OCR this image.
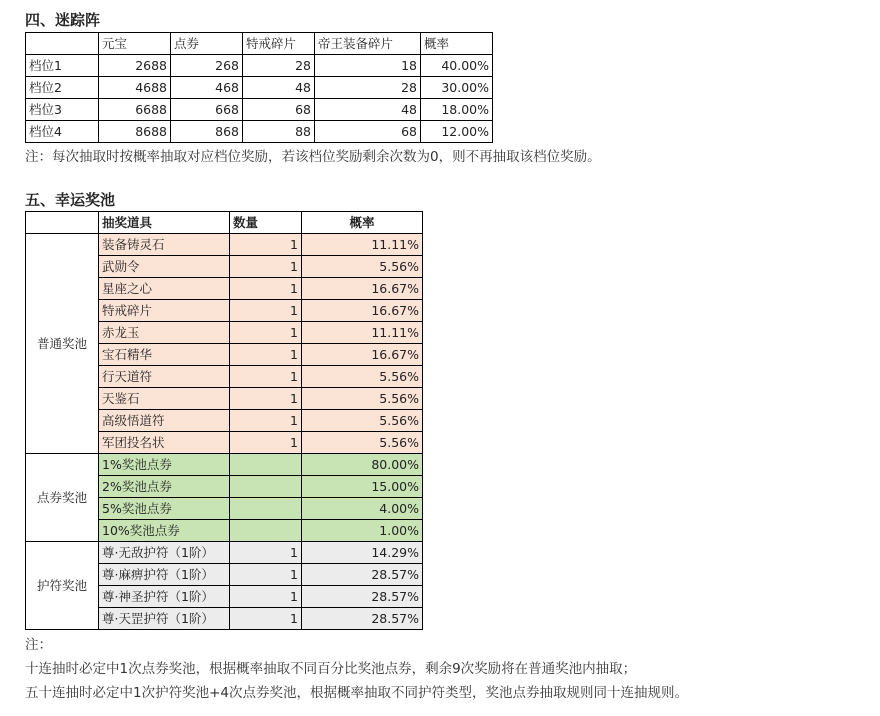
四、迷踪阵
	元宝	点券	特戒碎片	帝王装备碎片	概率
档位1	2688	268	28	18	40.00%
档位2	4688	468	48	28	30.00%
档位3	6688	668	68	48	18.00%
档位4	8688	868	88	68	12.00%
注：每次抽取时按概率抽取对应档位奖励，若该档位奖励剩余次数为0，则不再抽取该档位奖励。
五、幸运奖池
	抽奖道具	数量	概率
普通奖池	装备铸灵石	1	11.11%
	武勋令	1	5.56%
	星座之心	1	16.67%
	特戒碎片	1	16.67%
	赤龙玉	1	11.11%
	宝石精华	1	16.67%
	行天道符	1	5.56%
	天鉴石	1	5.56%
	高级悟道符	1	5.56%
	军团投名状	1	5.56%
点券奖池	1%奖池点券		80.00%
	2%奖池点券		15.00%
	5%奖池点券		4.00%
	10%奖池点券		1.00%
护符奖池	尊·无敌护符（1阶）	1	14.29%
	尊·麻痹护符（1阶）	1	28.57%
	尊·神圣护符（1阶）	1	28.57%
	尊·天罡护符（1阶）	1	28.57%
注：
十连抽时必定中1次点券奖池，根据概率抽取不同百分比奖池点券，剩余9次奖励将在普通奖池内抽取；
五十连抽时必定中1次护符奖池+4次点券奖池，根据概率抽取不同护符类型，奖池点券抽取规则同十连抽规则。
